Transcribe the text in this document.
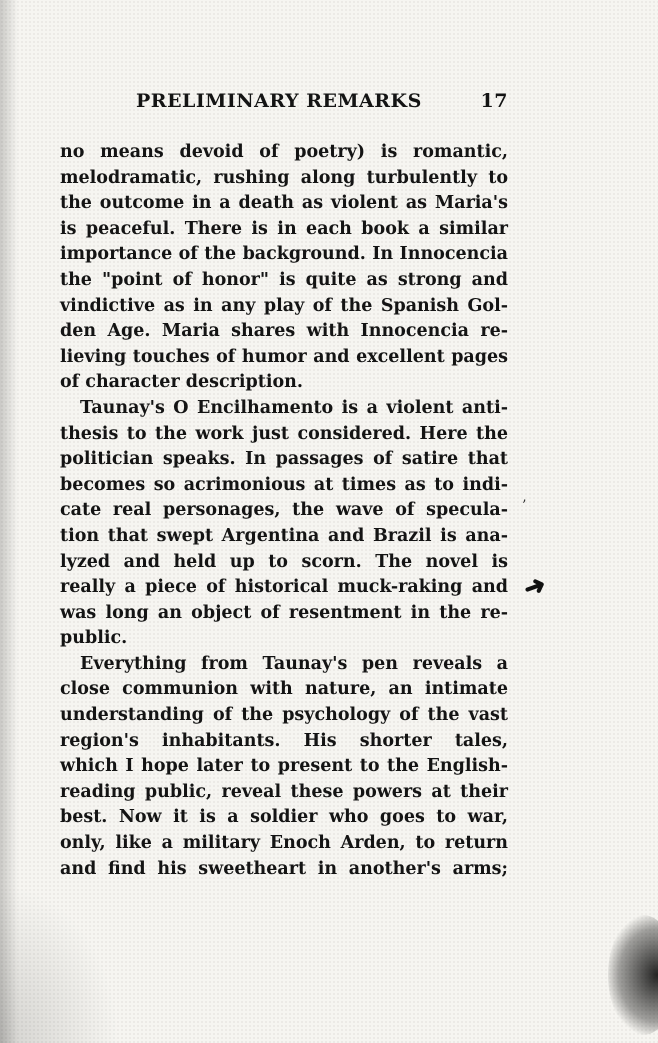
PRELIMINARY REMARKS	17
no means devoid of poetry) is romantic,
melodramatic, rushing along turbulently to
the outcome in a death as violent as Maria's
is peaceful. There is in each book a similar
importance of the background. In Innocencia
the "point of honor" is quite as strong and
vindictive as in any play of the Spanish Gol-
den Age. Maria shares with Innocencia re-
lieving touches of humor and excellent pages
of character description.
Taunay's O Encilhamento is a violent anti-
thesis to the work just considered. Here the
politician speaks. In passages of satire that
becomes so acrimonious at times as to indi-
cate real personages, the wave of specula-
tion that swept Argentina and Brazil is ana-
lyzed and held up to scorn. The novel is
really a piece of historical muck-raking and
was long an object of resentment in the re-
public.
Everything from Taunay's pen reveals a
close communion with nature, an intimate
understanding of the psychology of the vast
region's inhabitants. His shorter tales,
which I hope later to present to the English-
reading public, reveal these powers at their
best. Now it is a soldier who goes to war,
only, like a military Enoch Arden, to return
and find his sweetheart in another's arms;
’
➜
